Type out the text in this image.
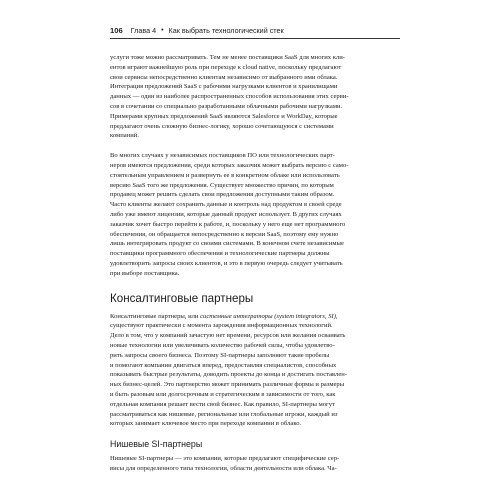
106 Глава 4 • Как выбрать технологический стек

услуги тоже можно рассматривать. Тем не менее поставщики SaaS для многих кли-
ентов играют важнейшую роль при переходе к cloud native, поскольку предлагают
свои сервисы непосредственно клиентам независимо от выбранного ими облака.
Интеграция предложений SaaS с рабочими нагрузками клиентов и хранилищами
данных — один из наиболее распространенных способов использования этих серви-
сов в сочетании со специально разработанными облачными рабочими нагрузками.
Примерами крупных предложений SaaS являются Salesforce и WorkDay, которые
предлагают очень сложную бизнес-логику, хорошо сочетающуюся с системами
компаний.

Во многих случаях у независимых поставщиков ПО или технологических парт-
неров имеются предложения, среди которых заказчик может выбрать версию с само-
стоятельным управлением и развернуть ее в конкретном облаке или использовать
версию SaaS того же предложения. Существует множество причин, по которым
продавец может решить сделать свои предложения доступными таким образом.
Часто клиенты желают сохранить данные и контроль над продуктом в своей среде
либо уже имеют лицензии, которые данный продукт использует. В других случаях
заказчик хочет быстро перейти к работе, и, поскольку у него еще нет программного
обеспечения, он обращается непосредственно к версии SaaS, поэтому ему нужно
лишь интегрировать продукт со своими системами. В конечном счете независимые
поставщики программного обеспечения и технологические партнеры должны
удовлетворить запросы своих клиентов, и это в первую очередь следует учитывать
при выборе поставщика.

Консалтинговые партнеры

Консалтинговые партнеры, или системные интеграторы (system integrators, SI),
существуют практически с момента зарождения информационных технологий.
Дело в том, что у компаний зачастую нет времени, ресурсов или желания осваивать
новые технологии или увеличивать количество рабочей силы, чтобы удовлетво-
рить запросы своего бизнеса. Поэтому SI-партнеры заполняют такие пробелы
и помогают компании двигаться вперед, предоставляя специалистов, способных
показывать быстрые результаты, доводить проекты до конца и достигать поставлен-
ных бизнес-целей. Это партнерство может принимать различные формы и размеры
и быть разовым или долгосрочным и стратегическим в зависимости от того, как
отдельная компания решает вести свой бизнес. Как правило, SI-партнеры могут
рассматриваться как нишевые, региональные или глобальные игроки, каждый из
которых занимает ключевое место при переходе компании в облако.

Нишевые SI-партнеры

Нишевые SI-партнеры — это компании, которые предлагают специфические сер-
висы для определенного типа технологии, области деятельности или облака. Ча-
